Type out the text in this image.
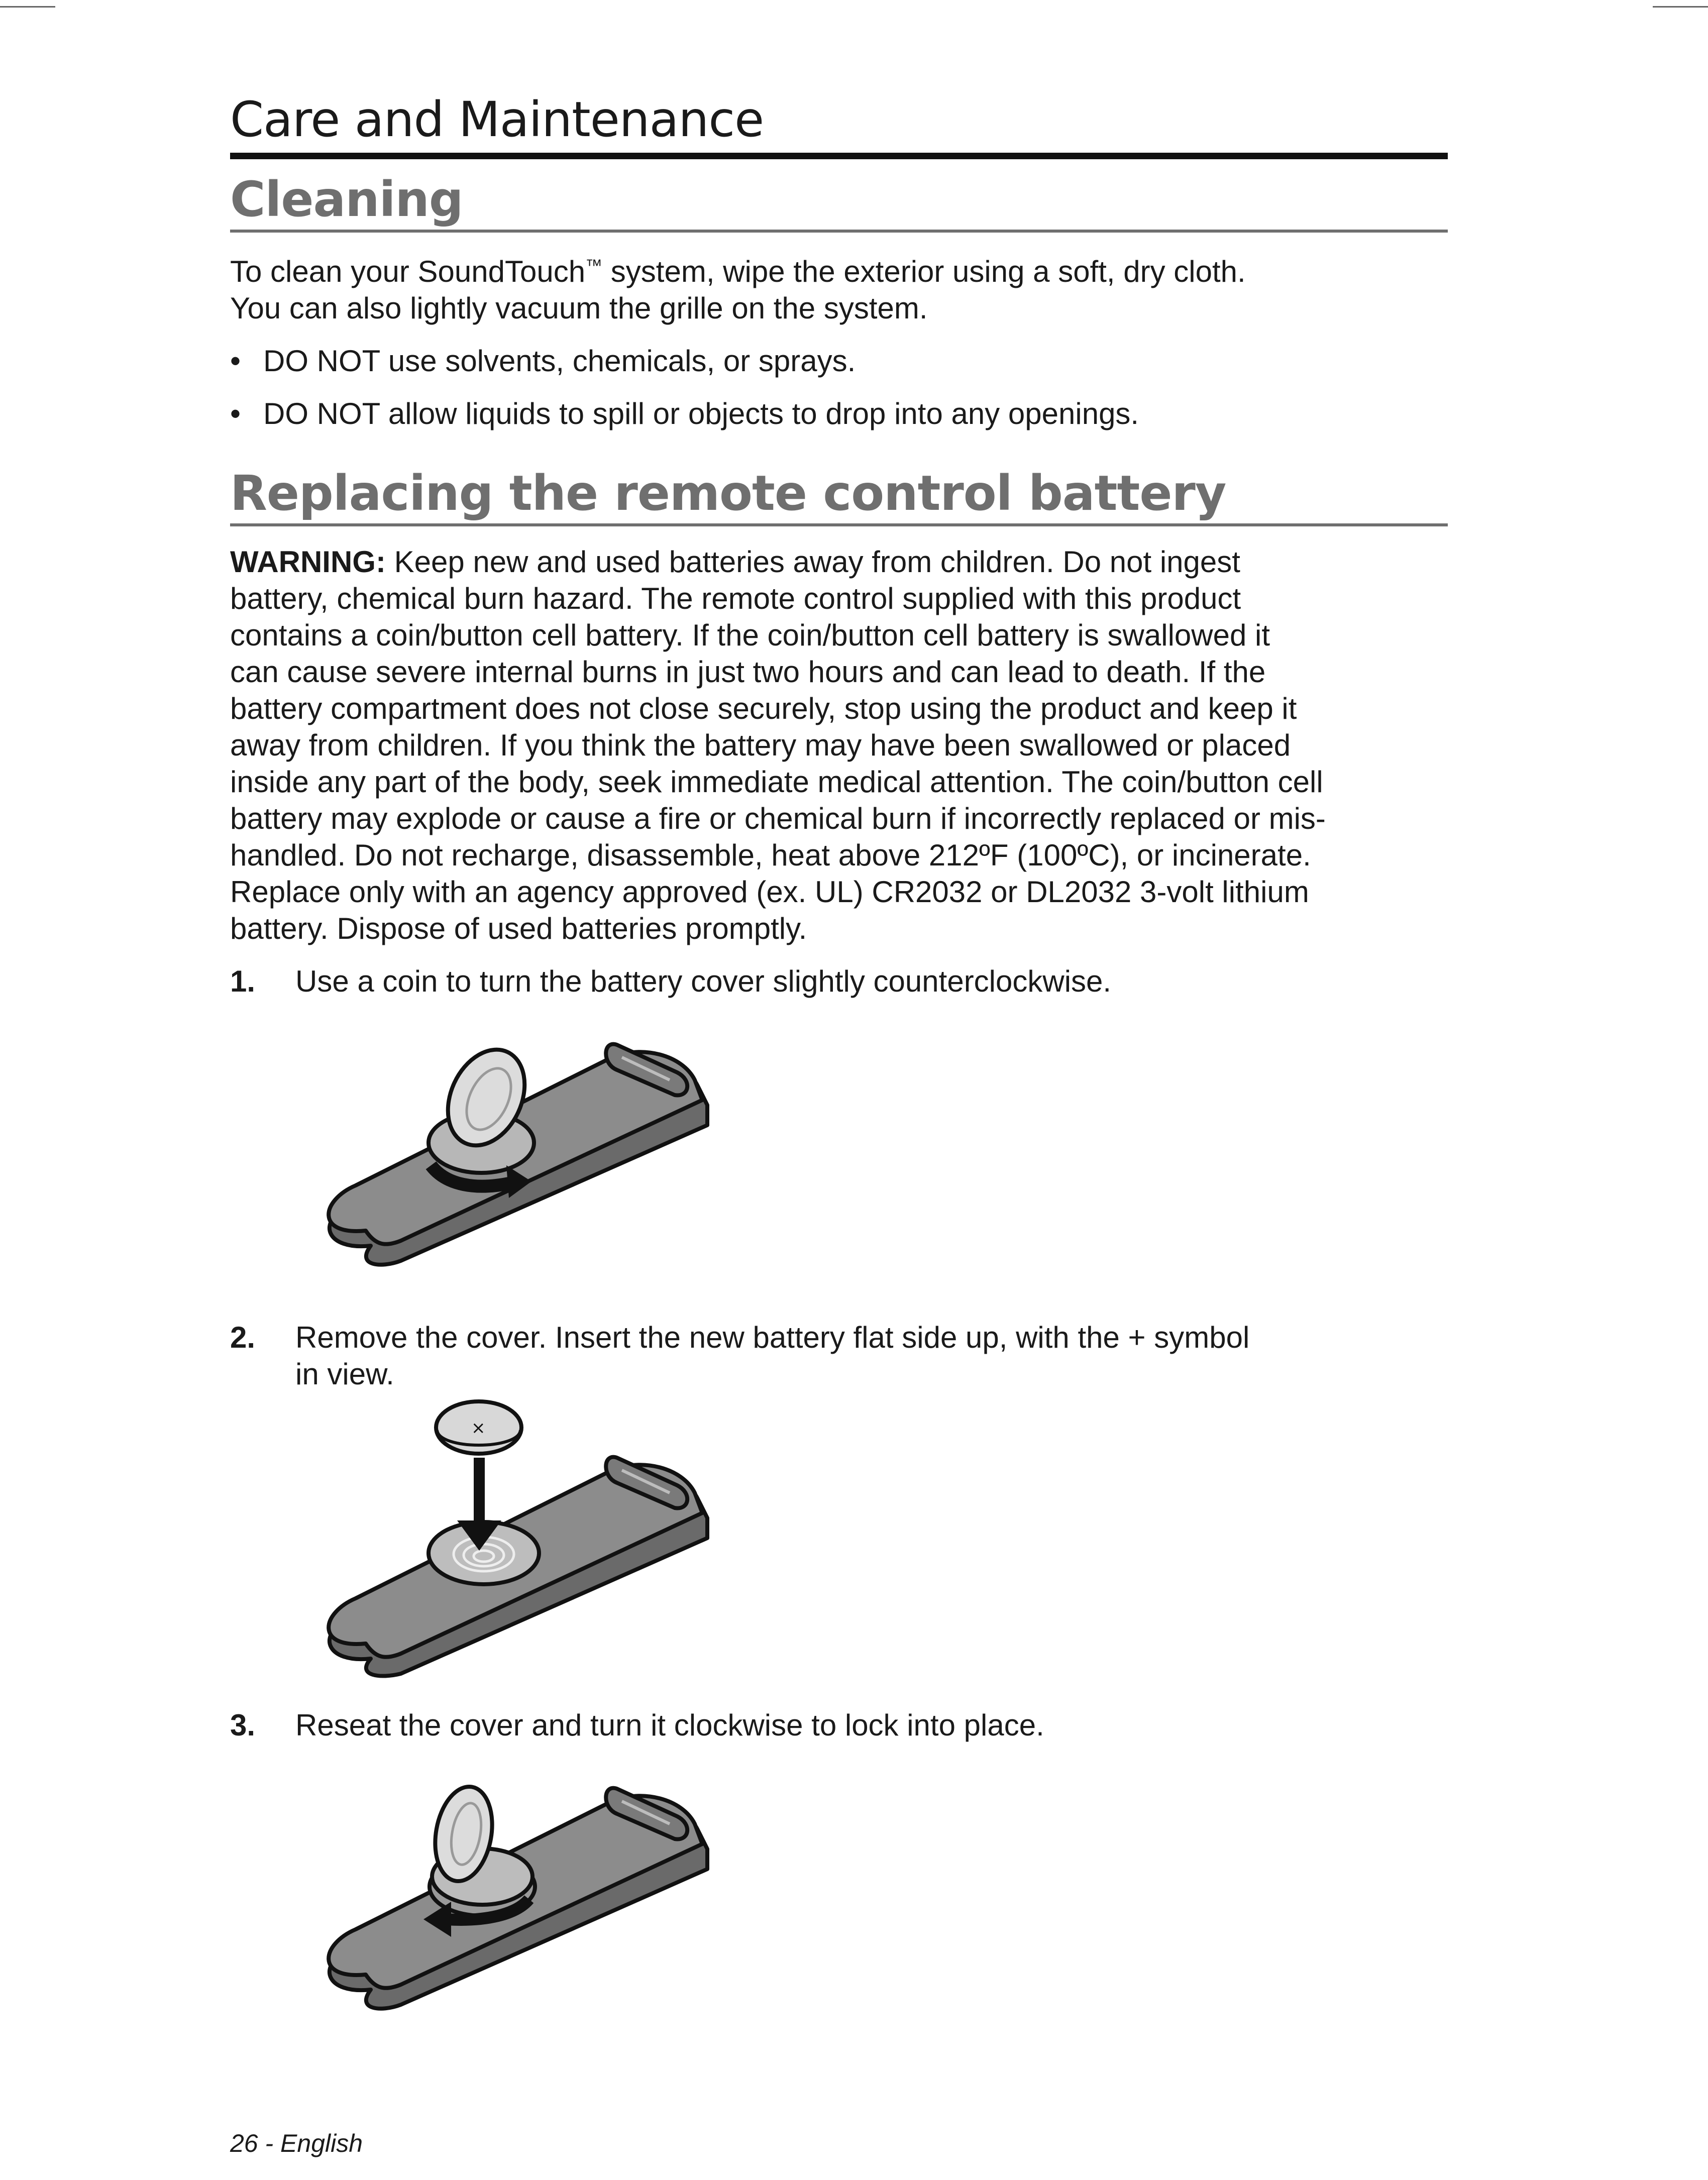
Care and Maintenance
Cleaning

To clean your SoundTouch™ system, wipe the exterior using a soft, dry cloth.

You can also lightly vacuum the grille on the system.

• DO NOT use solvents, chemicals, or sprays.
• DO NOT allow liquids to spill or objects to drop into any openings.
Replacing the remote control battery

WARNING: Keep new and used batteries away from children. Do not ingest

battery, chemical burn hazard. The remote control supplied with this product

contains a coin/button cell battery. If the coin/button cell battery is swallowed it

can cause severe internal burns in just two hours and can lead to death. If the

battery compartment does not close securely, stop using the product and keep it

away from children. If you think the battery may have been swallowed or placed

inside any part of the body, seek immediate medical attention. The coin/button cell

battery may explode or cause a fire or chemical burn if incorrectly replaced or mis-

handled. Do not recharge, disassemble, heat above 212ºF (100ºC), or incinerate.

Replace only with an agency approved (ex. UL) CR2032 or DL2032 3-volt lithium

battery. Dispose of used batteries promptly.

1. Use a coin to turn the battery cover slightly counterclockwise.

2. Remove the cover. Insert the new battery flat side up, with the + symbol

in view.

×
3. Reseat the cover and turn it clockwise to lock into place.

26 - English
